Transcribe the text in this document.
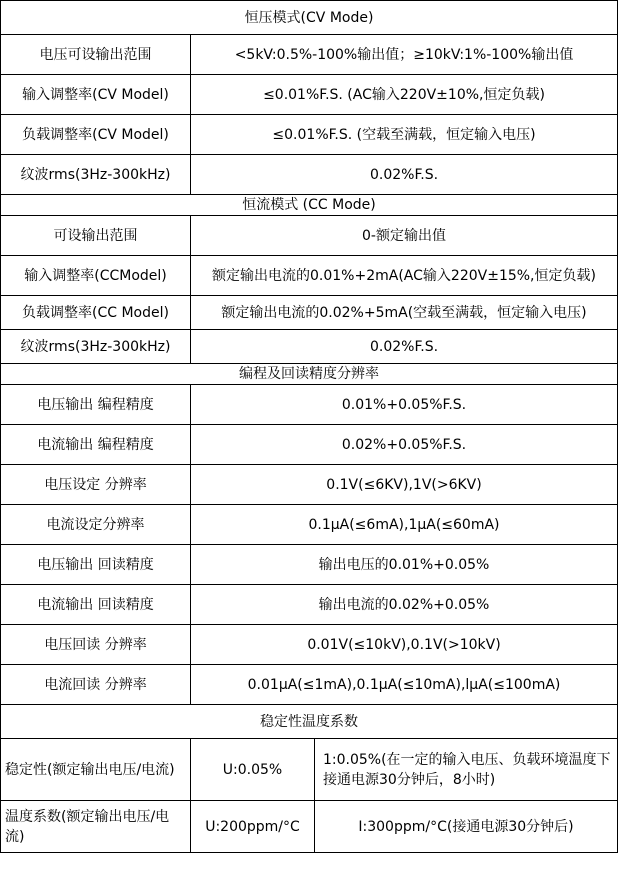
恒压模式(CV Mode)		
电压可设输出范围	<5kV:0.5%-100%输出值；≥10kV:1%-100%输出值	
输入调整率(CV Model)	≤0.01%F.S. (AC输入220V±10%,恒定负载)	
负载调整率(CV Model)	≤0.01%F.S. (空载至满载，恒定输入电压)	
纹波rms(3Hz-300kHz)	0.02%F.S.	
恒流模式 (CC Mode)		
可设输出范围	0-额定输出值	
输入调整率(CCModel)	额定输出电流的0.01%+2mA(AC输入220V±15%,恒定负载)	
负载调整率(CC Model)	额定输出电流的0.02%+5mA(空载至满载，恒定输入电压)	
纹波rms(3Hz-300kHz)	0.02%F.S.	
编程及回读精度分辨率		
电压输出 编程精度	0.01%+0.05%F.S.	
电流输出 编程精度	0.02%+0.05%F.S.	
电压设定 分辨率	0.1V(≤6KV),1V(>6KV)	
电流设定分辨率	0.1μA(≤6mA),1μA(≤60mA)	
电压输出 回读精度	输出电压的0.01%+0.05%	
电流输出 回读精度	输出电流的0.02%+0.05%	
电压回读 分辨率	0.01V(≤10kV),0.1V(>10kV)	
电流回读 分辨率	0.01μA(≤1mA),0.1μA(≤10mA),lμA(≤100mA)	
稳定性温度系数		
稳定性(额定输出电压/电流)	U:0.05%	1:0.05%(在一定的输入电压、负载环境温度下接通电源30分钟后，8小时)
温度系数(额定输出电压/电流)	U:200ppm/°C	I:300ppm/°C(接通电源30分钟后)
